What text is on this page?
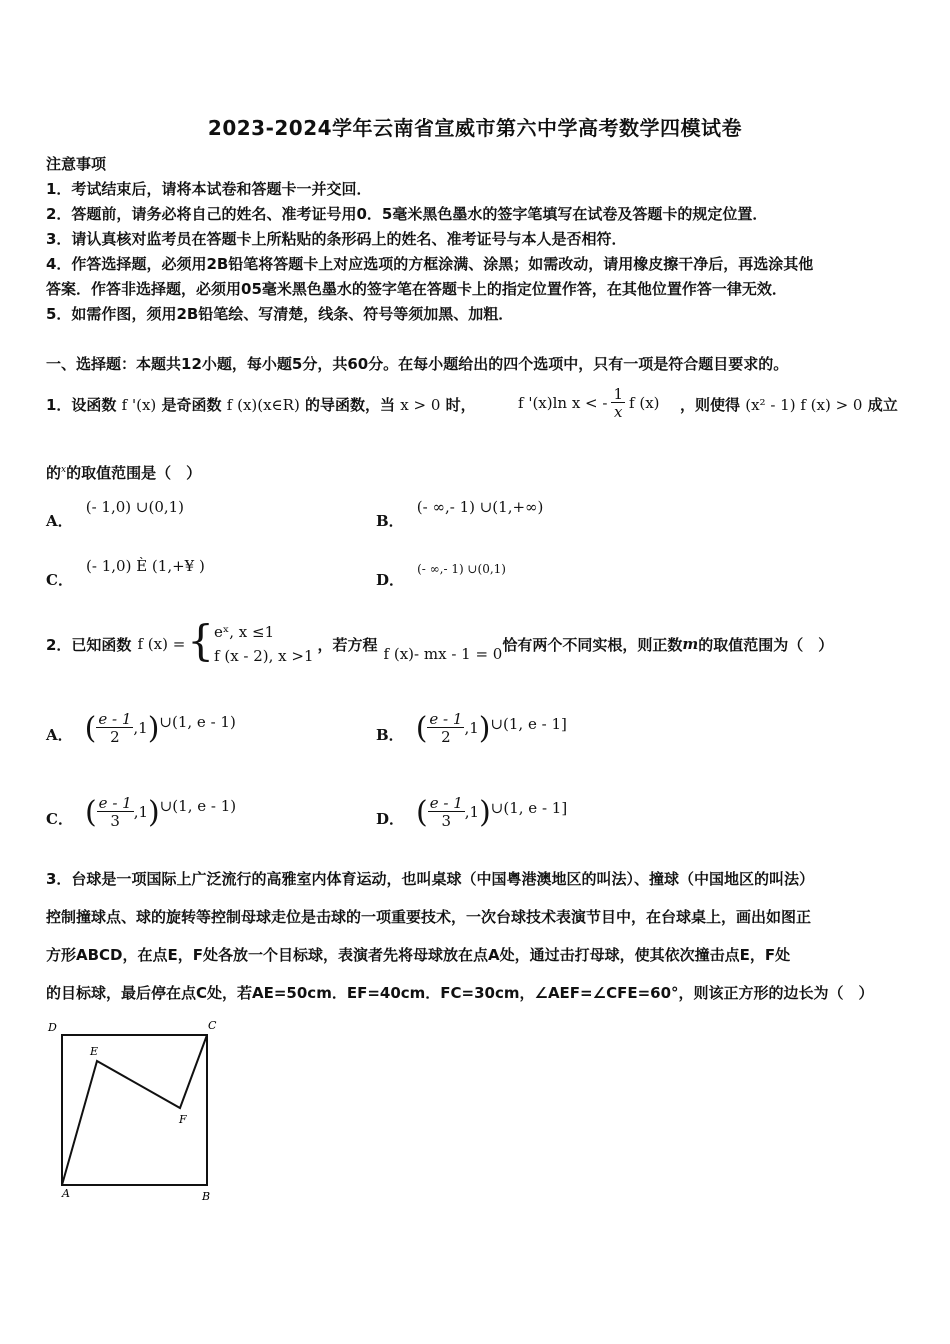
2023-2024学年云南省宣威市第六中学高考数学四模试卷
注意事项
1．考试结束后，请将本试卷和答题卡一并交回．
2．答题前，请务必将自己的姓名、准考证号用0．5毫米黑色墨水的签字笔填写在试卷及答题卡的规定位置．
3．请认真核对监考员在答题卡上所粘贴的条形码上的姓名、准考证号与本人是否相符．
4．作答选择题，必须用2B铅笔将答题卡上对应选项的方框涂满、涂黑；如需改动，请用橡皮擦干净后，再选涂其他
答案．作答非选择题，必须用05毫米黑色墨水的签字笔在答题卡上的指定位置作答，在其他位置作答一律无效．
5．如需作图，须用2B铅笔绘、写清楚，线条、符号等须加黑、加粗．
一、选择题：本题共12小题，每小题5分，共60分。在每小题给出的四个选项中，只有一项是符合题目要求的。
1．设函数 f '(x) 是奇函数 f (x)(x∈R) 的导函数，当 x > 0 时，	f '(x)ln x < - $\frac{1}{x}$ f (x) ，则使得 (x² - 1) f (x) > 0 成立
的$^x$的取值范围是（　）
A． (- 1,0) ∪(0,1)
B． (- ∞,- 1) ∪(1,+∞)
C． (- 1,0) È (1,+¥ )
D． (- ∞,- 1) ∪(0,1)
2．已知函数 f (x) = { eˣ, x ≤1
f (x - 2), x >1
，若方程
f (x)- mx - 1 = 0
恰有两个不同实根，则正数 m 的取值范围为（　）
A． ( $\frac{e - 1}{2} ,1$ ) ∪(1, e - 1)
B． ( $\frac{e - 1}{2} ,1$ ) ∪(1, e - 1]
C． ( $\frac{e - 1}{3} ,1$ ) ∪(1, e - 1)
D． ( $\frac{e - 1}{3} ,1$ ) ∪(1, e - 1]
3．台球是一项国际上广泛流行的高雅室内体育运动，也叫桌球（中国粤港澳地区的叫法）、撞球（中国地区的叫法）
控制撞球点、球的旋转等控制母球走位是击球的一项重要技术，一次台球技术表演节目中，在台球桌上，画出如图正
方形ABCD，在点E，F处各放一个目标球，表演者先将母球放在点A处，通过击打母球，使其依次撞击点E，F处
的目标球，最后停在点C处，若AE=50cm．EF=40cm．FC=30cm，∠AEF=∠CFE=60°，则该正方形的边长为（　）
D	C
E
F
A	B
